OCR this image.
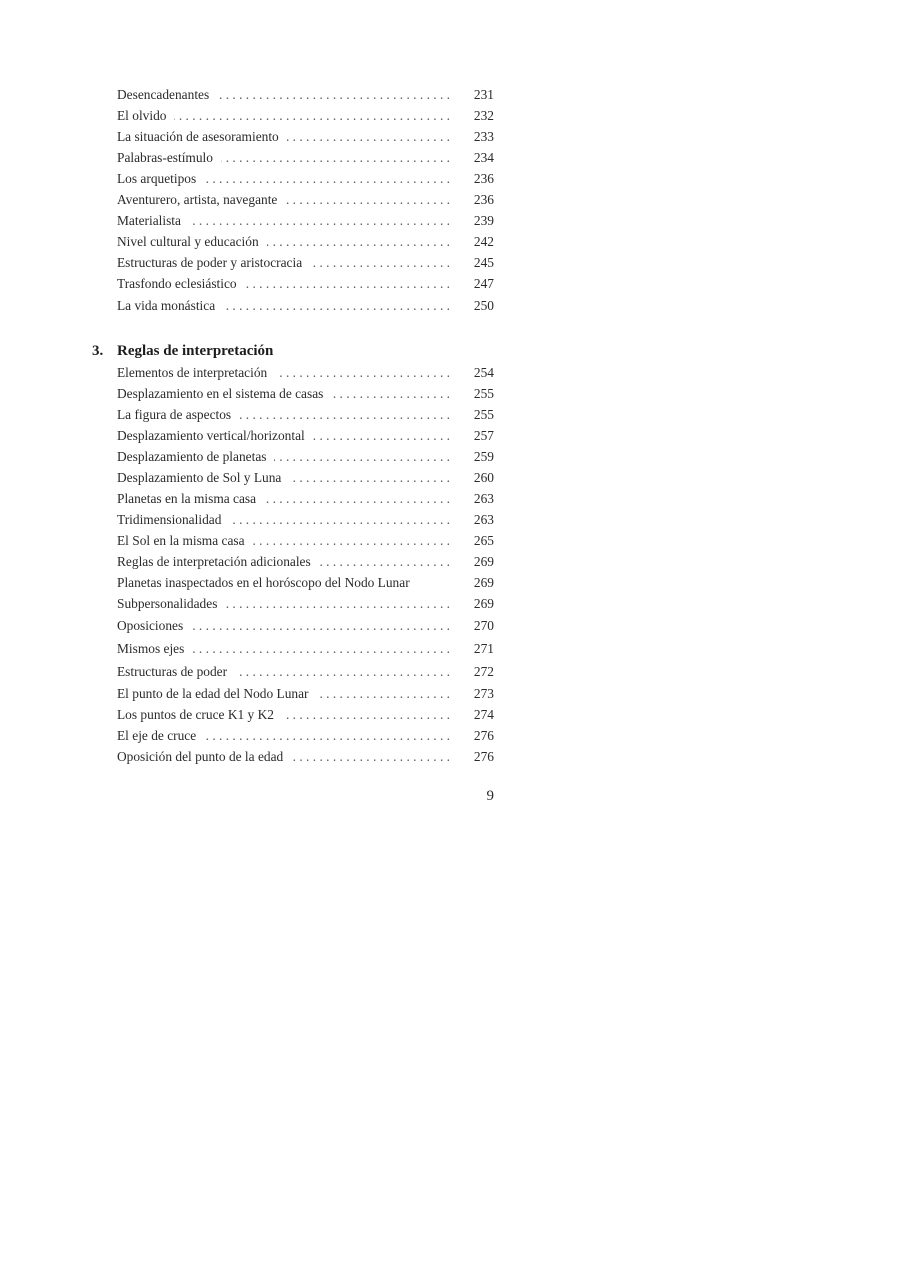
Desencadenantes . . .	231
El olvido . . .	232
La situación de asesoramiento . . .	233
Palabras-estímulo . . .	234
Los arquetipos . . .	236
Aventurero, artista, navegante . . .	236
Materialista . . .	239
Nivel cultural y educación . . .	242
Estructuras de poder y aristocracia . . .	245
Trasfondo eclesiástico . . .	247
La vida monástica . . .	250
3. Reglas de interpretación
Elementos de interpretación . . .	254
Desplazamiento en el sistema de casas . . .	255
La figura de aspectos . . .	255
Desplazamiento vertical/horizontal . . .	257
Desplazamiento de planetas . . .	259
Desplazamiento de Sol y Luna . . .	260
Planetas en la misma casa . . .	263
Tridimensionalidad . . .	263
El Sol en la misma casa . . .	265
Reglas de interpretación adicionales . . .	269
Planetas inaspectados en el horóscopo del Nodo Lunar	269
Subpersonalidades . . .	269
Oposiciones . . .	270
Mismos ejes . . .	271
Estructuras de poder . . .	272
El punto de la edad del Nodo Lunar . . .	273
Los puntos de cruce K1 y K2 . . .	274
El eje de cruce . . .	276
Oposición del punto de la edad . . .	276
9
